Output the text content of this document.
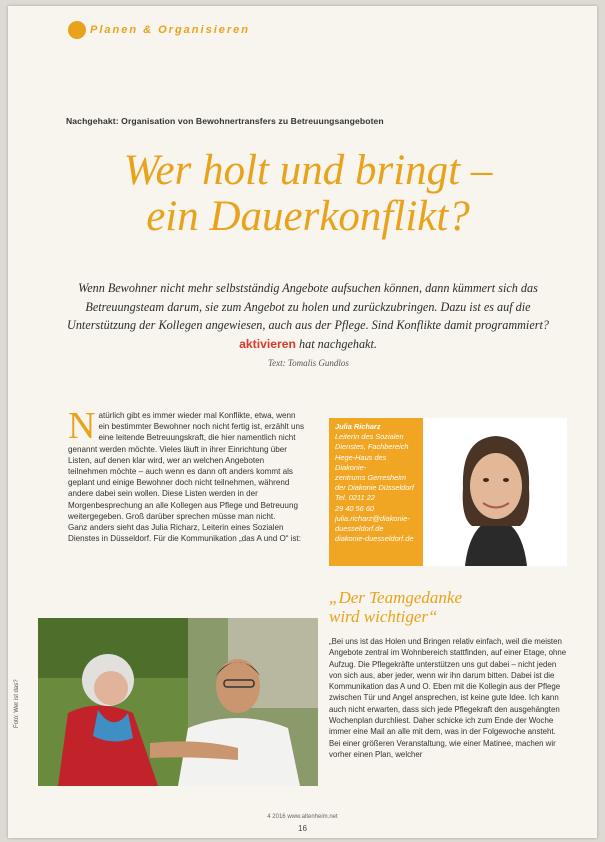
Planen & Organisieren
Nachgehakt: Organisation von Bewohnertransfers zu Betreuungsangeboten
Wer holt und bringt –
ein Dauerkonflikt?
Wenn Bewohner nicht mehr selbstständig Angebote aufsuchen können, dann kümmert sich das Betreuungsteam darum, sie zum Angebot zu holen und zurückzubringen. Dazu ist es auf die Unterstützung der Kollegen angewiesen, auch aus der Pflege. Sind Konflikte damit programmiert? aktivieren hat nachgehakt.
Text: Tomalis Gundlos

Natürlich gibt es immer wieder mal Konflikte, etwa, wenn ein bestimmter Bewohner noch nicht fertig ist, erzählt uns eine leitende Betreuungskraft, die hier namentlich nicht genannt werden möchte. Vieles läuft in ihrer Einrichtung über Listen, auf denen klar wird, wer an welchen Angeboten teilnehmen möchte – auch wenn es dann oft anders kommt als geplant und einige Bewohner doch nicht teilnehmen, während andere dabei sein wollen. Diese Listen werden in der Morgenbesprechung an alle Kollegen aus Pflege und Betreuung weitergegeben. Groß darüber sprechen müsse man nicht.

Ganz anders sieht das Julia Richarz, Leiterin eines Sozialen Dienstes in Düsseldorf. Für die Kommunikation „das A und O“ ist:

Foto: Wer ist das?
Julia Richarz
Leiterin des Sozialen
Dienstes, Fachbereich
Hege-Haus des Diakonie-
zentrums Gerresheim
der Diakonie Düsseldorf
Tel. 0211 22
29 40 56 60
julia.richarz@diakonie-
duesseldorf.de
diakonie-duesseldorf.de
„Der Teamgedanke
wird wichtiger“
„Bei uns ist das Holen und Bringen relativ einfach, weil die meisten Angebote zentral im Wohnbereich stattfinden, auf einer Etage, ohne Aufzug. Die Pflegekräfte unterstützen uns gut dabei – nicht jeden von sich aus, aber jeder, wenn wir ihn darum bitten. Dabei ist die Kommunikation das A und O. Eben mit die Kollegin aus der Pflege zwischen Tür und Angel ansprechen, ist keine gute Idee. Ich kann auch nicht erwarten, dass sich jede Pflegekraft den ausgehängten Wochenplan durchliest. Daher schicke ich zum Ende der Woche immer eine Mail an alle mit dem, was in der Folgewoche ansteht. Bei einer größeren Veranstaltung, wie einer Matinee, machen wir vorher einen Plan, welcher
4 2016 www.altenheim.net
16
